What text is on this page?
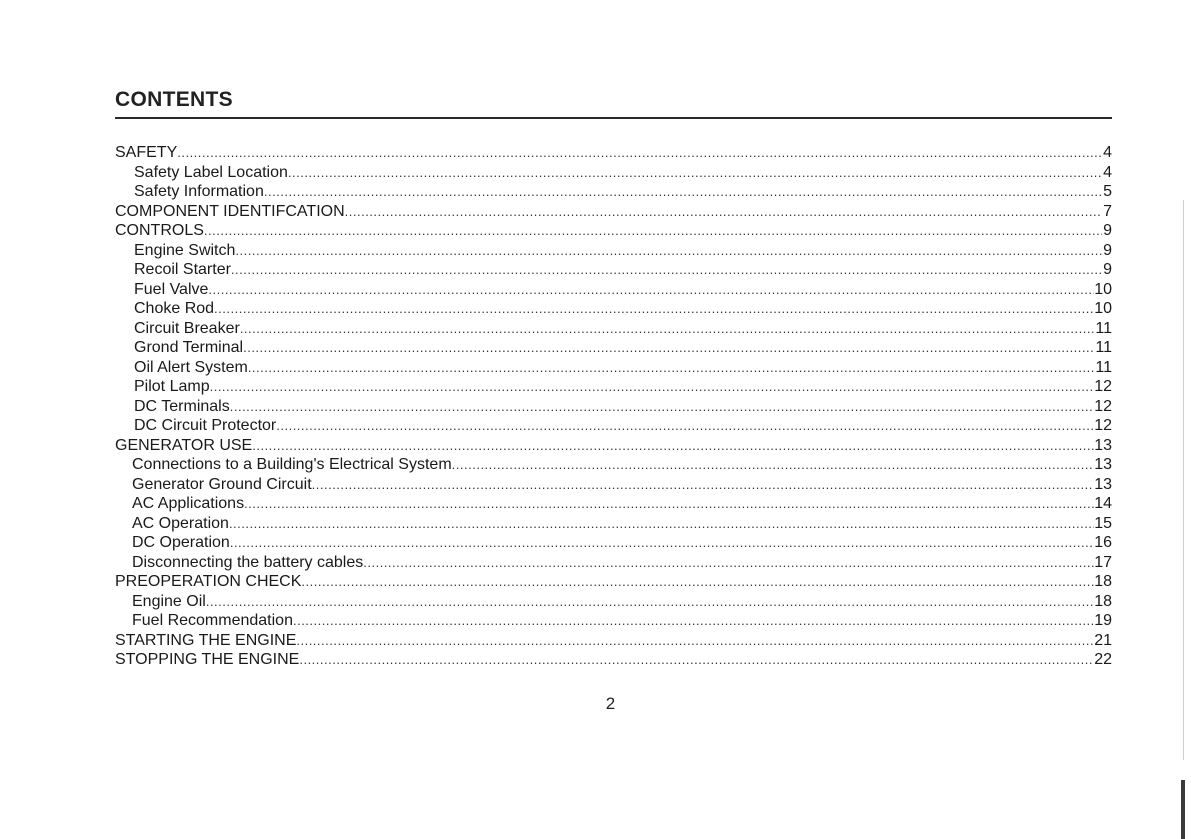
CONTENTS
SAFETY .....	4
Safety Label Location .....	4
Safety Information .....	5
COMPONENT IDENTIFCATION .....	7
CONTROLS .....	9
Engine Switch .....	9
Recoil Starter .....	9
Fuel Valve .....	10
Choke Rod .....	10
Circuit Breaker .....	11
Grond Terminal .....	11
Oil Alert System .....	11
Pilot Lamp .....	12
DC Terminals .....	12
DC Circuit Protector .....	12
GENERATOR USE .....	13
Connections to a Building's Electrical System .....	13
Generator Ground Circuit .....	13
AC Applications .....	14
AC Operation .....	15
DC Operation .....	16
Disconnecting the battery cables .....	17
PREOPERATION CHECK .....	18
Engine Oil .....	18
Fuel Recommendation .....	19
STARTING THE ENGINE .....	21
STOPPING THE ENGINE .....	22
2
